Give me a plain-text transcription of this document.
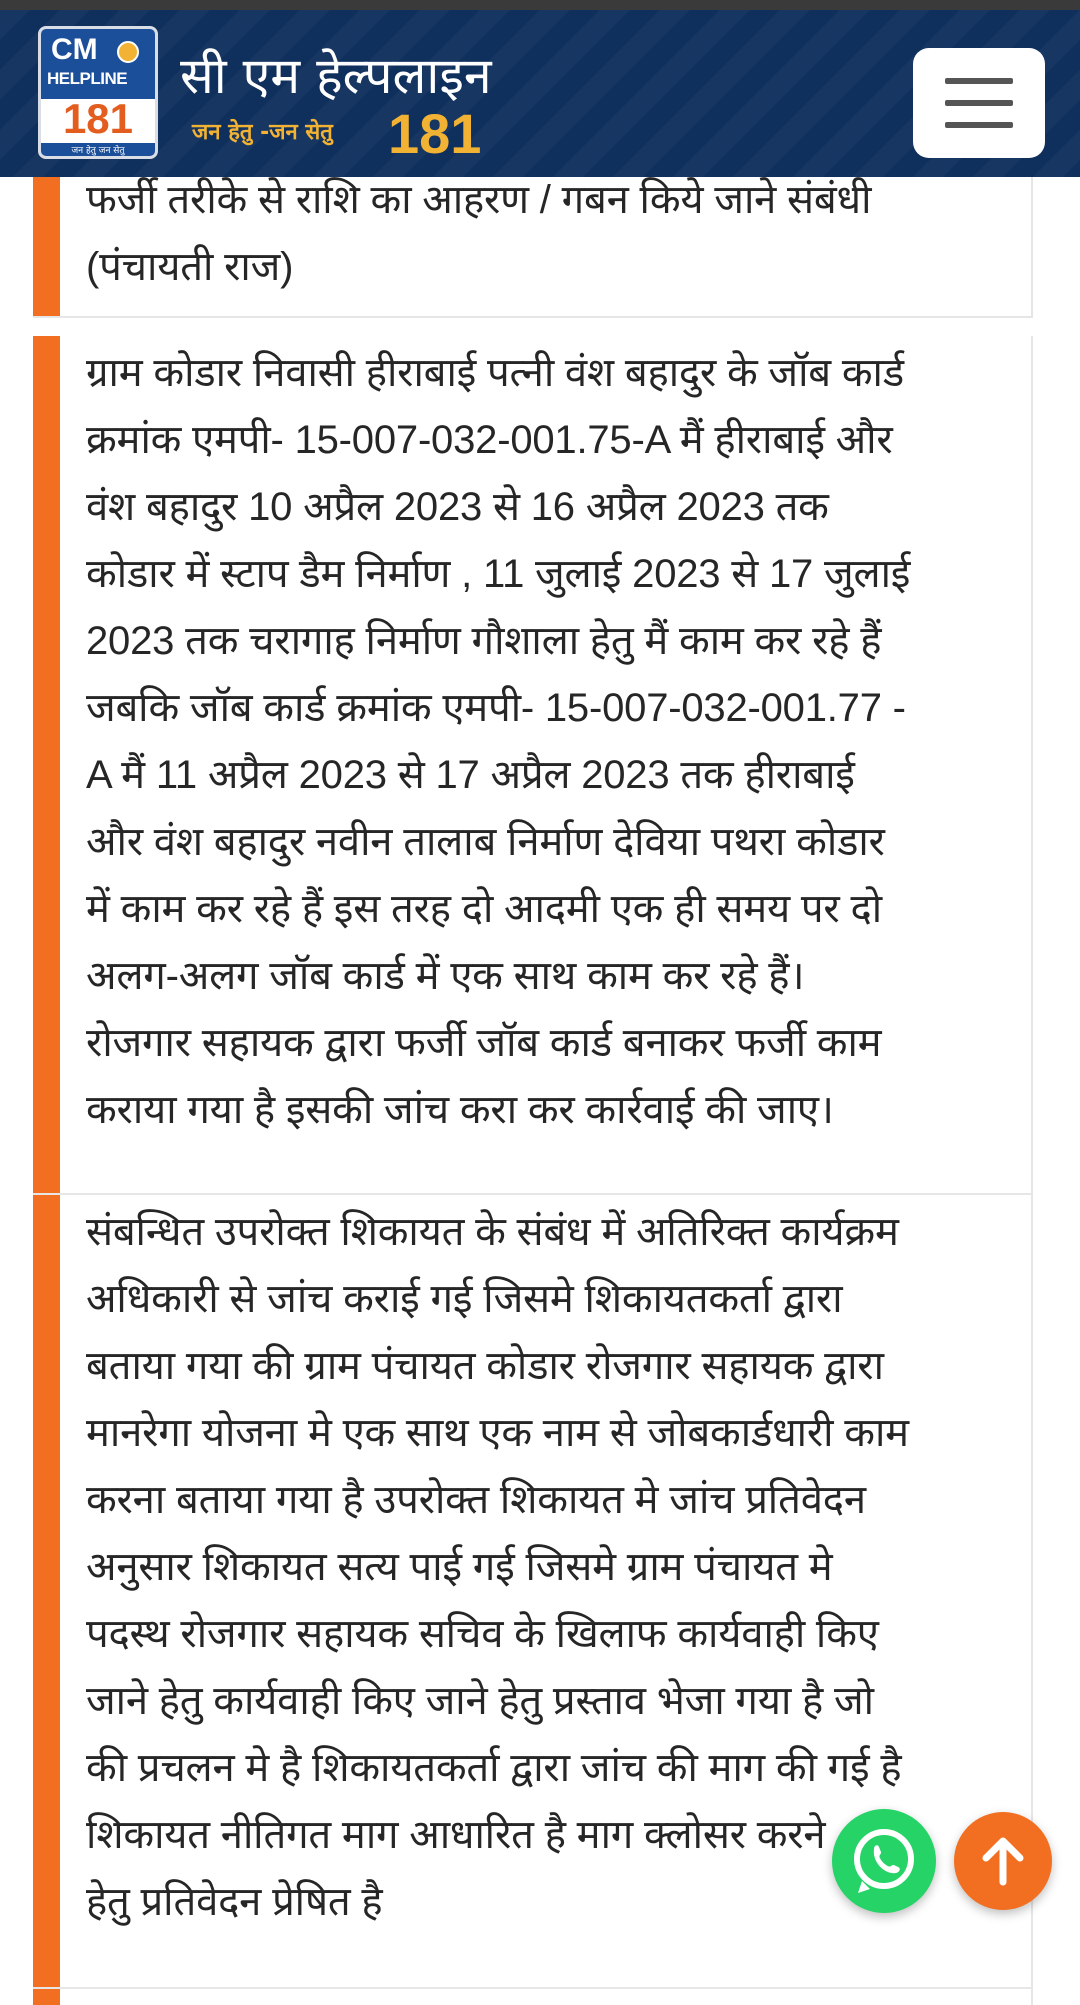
CM
HELPLINE
181
जन हेतु जन सेतु
सी एम हेल्पलाइन
जन हेतु -जन सेतु 181
फर्जी तरीके से राशि का आहरण / गबन किये जाने संबंधी
(पंचायती राज)
ग्राम कोडार निवासी हीराबाई पत्नी वंश बहादुर के जॉब कार्ड
क्रमांक एमपी- 15-007-032-001.75-A मैं हीराबाई और
वंश बहादुर 10 अप्रैल 2023 से 16 अप्रैल 2023 तक
कोडार में स्टाप डैम निर्माण , 11 जुलाई 2023 से 17 जुलाई
2023 तक चरागाह निर्माण गौशाला हेतु मैं काम कर रहे हैं
जबकि जॉब कार्ड क्रमांक एमपी- 15-007-032-001.77 -
A मैं 11 अप्रैल 2023 से 17 अप्रैल 2023 तक हीराबाई
और वंश बहादुर नवीन तालाब निर्माण देविया पथरा कोडार
में काम कर रहे हैं इस तरह दो आदमी एक ही समय पर दो
अलग-अलग जॉब कार्ड में एक साथ काम कर रहे हैं।
रोजगार सहायक द्वारा फर्जी जॉब कार्ड बनाकर फर्जी काम
कराया गया है इसकी जांच करा कर कार्रवाई की जाए।
संबन्धित उपरोक्त शिकायत के संबंध में अतिरिक्त कार्यक्रम
अधिकारी से जांच कराई गई जिसमे शिकायतकर्ता द्वारा
बताया गया की ग्राम पंचायत कोडार रोजगार सहायक द्वारा
मानरेगा योजना मे एक साथ एक नाम से जोबकार्डधारी काम
करना बताया गया है उपरोक्त शिकायत मे जांच प्रतिवेदन
अनुसार शिकायत सत्य पाई गई जिसमे ग्राम पंचायत मे
पदस्थ रोजगार सहायक सचिव के खिलाफ कार्यवाही किए
जाने हेतु कार्यवाही किए जाने हेतु प्रस्ताव भेजा गया है जो
की प्रचलन मे है शिकायतकर्ता द्वारा जांच की माग की गई है
शिकायत नीतिगत माग आधारित है माग क्लोसर करने
हेतु प्रतिवेदन प्रेषित है
